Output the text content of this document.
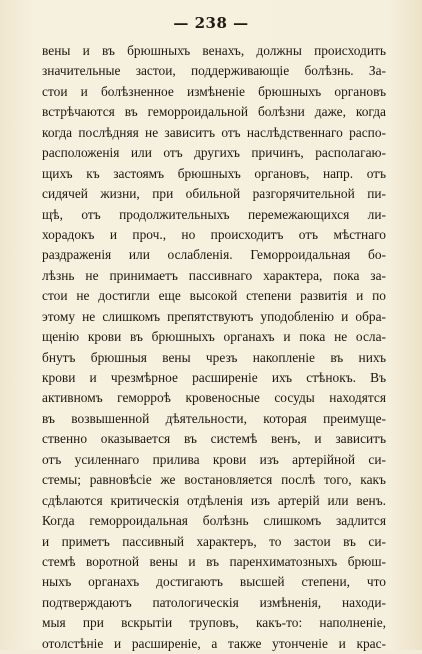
— 238 —
вены и въ брюшныхъ венахъ, должны происходить
значительные застои, поддерживающіе болѣзнь. За-
стои и болѣзненное измѣненіе брюшныхъ органовъ
встрѣчаются въ геморроидальной болѣзни даже, когда
когда послѣдняя не зависитъ отъ наслѣдственнаго распо-
расположенія или отъ другихъ причинъ, располагаю-
щихъ къ застоямъ брюшныхъ органовъ, напр. отъ
сидячей жизни, при обильной разгорячительной пи-
щѣ, отъ продолжительныхъ перемежающихся ли-
хорадокъ и проч., но происходитъ отъ мѣстнаго
раздраженія или ослабленія. Геморроидальная бо-
лѣзнь не принимаетъ пассивнаго характера, пока за-
стои не достигли еще высокой степени развитія и по
этому не слишкомъ препятствуютъ уподобленію и обра-
щенію крови въ брюшныхъ органахъ и пока не осла-
бнутъ брюшныя вены чрезъ накопленіе въ нихъ
крови и чрезмѣрное расширеніе ихъ стѣнокъ. Въ
активномъ геморроѣ кровеносные сосуды находятся
въ возвышенной дѣятельности, которая преимуще-
ственно оказывается въ системѣ венъ, и зависитъ
отъ усиленнаго прилива крови изъ артерійной си-
стемы; равновѣсіе же востановляется послѣ того, какъ
сдѣлаются критическія отдѣленія изъ артерій или венъ.
Когда геморроидальная болѣзнь слишкомъ задлится
и приметъ пассивный характеръ, то застои въ си-
стемѣ воротной вены и въ паренхиматозныхъ брюш-
ныхъ органахъ достигаютъ высшей степени, что
подтверждаютъ патологическія измѣненія, находи-
мыя при вскрытіи труповъ, какъ-то: наполненіе,
отолстѣніе и расширеніе, а также утонченіе и крас-
